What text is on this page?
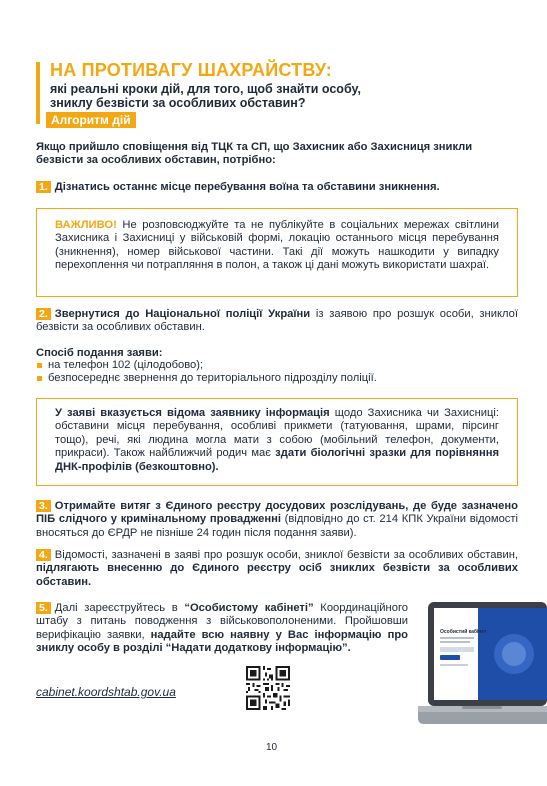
НА ПРОТИВАГУ ШАХРАЙСТВУ:
які реальні кроки дій, для того, щоб знайти особу, зниклу безвісти за особливих обставин?
Алгоритм дій

Якщо прийшло сповіщення від ТЦК та СП, що Захисник або Захисниця зникли безвісти за особливих обставин, потрібно:

1. Дізнатись останнє місце перебування воїна та обставини зникнення.

ВАЖЛИВО! Не розповсюджуйте та не публікуйте в соціальних мережах світлини Захисника і Захисниці у військовій формі, локацію останнього місця перебування (зникнення), номер військової частини. Такі дії можуть нашкодити у випадку перехоплення чи потрапляння в полон, а також ці дані можуть використати шахраї.

2. Звернутися до Національної поліції України із заявою про розшук особи, зниклої безвісти за особливих обставин.

Спосіб подання заяви:

на телефон 102 (цілодобово);
безпосереднє звернення до територіального підрозділу поліції.

У заяві вказується відома заявнику інформація щодо Захисника чи Захисниці: обставини місця перебування, особливі прикмети (татуювання, шрами, пірсинг тощо), речі, які людина могла мати з собою (мобільний телефон, документи, прикраси). Також найближчий родич має здати біологічні зразки для порівняння ДНК-профілів (безкоштовно).

3. Отримайте витяг з Єдиного реєстру досудових розслідувань, де буде зазначено ПІБ слідчого у кримінальному провадженні (відповідно до ст. 214 КПК України відомості вносяться до ЄРДР не пізніше 24 годин після подання заяви).

4. Відомості, зазначені в заяві про розшук особи, зниклої безвісти за особливих обставин, підлягають внесенню до Єдиного реєстру осіб зниклих безвісти за особливих обставин.

5. Далі зареєструйтесь в “Особистому кабінеті” Координаційного штабу з питань поводження з військовополоненими. Пройшовши верифікацію заявки, надайте всю наявну у Вас інформацію про зниклу особу в розділі “Надати додаткову інформацію”.

cabinet.koordshtab.gov.ua
Особистий кабінет
10
